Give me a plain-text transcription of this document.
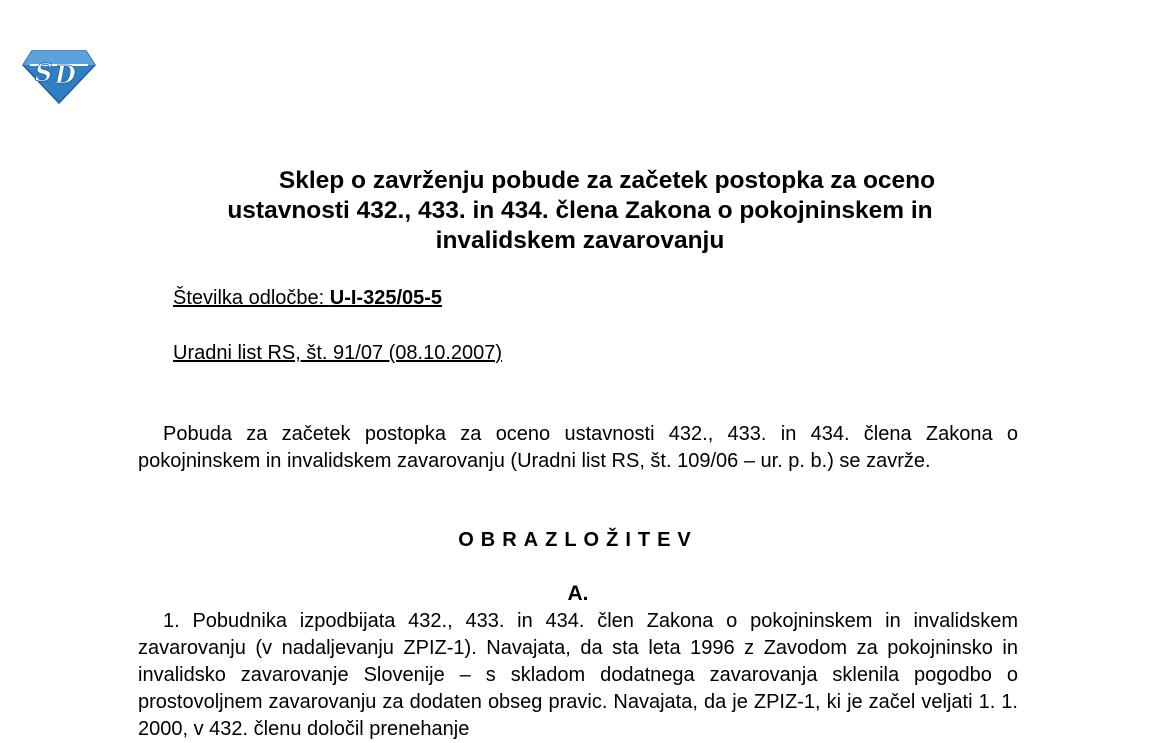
S D
Sklep o zavrženju pobude za začetek postopka za oceno
ustavnosti 432., 433. in 434. člena Zakona o pokojninskem in
invalidskem zavarovanju
Številka odločbe: U-I-325/05-5
Uradni list RS, št. 91/07 (08.10.2007)

Pobuda za začetek postopka za oceno ustavnosti 432., 433. in 434. člena Zakona o pokojninskem in invalidskem zavarovanju (Uradni list RS, št. 109/06 – ur. p. b.) se zavrže.

OBRAZLOŽITEV
A.

1. Pobudnika izpodbijata 432., 433. in 434. člen Zakona o pokojninskem in invalidskem zavarovanju (v nadaljevanju ZPIZ-1). Navajata, da sta leta 1996 z Zavodom za pokojninsko in invalidsko zavarovanje Slovenije – s skladom dodatnega zavarovanja sklenila pogodbo o prostovoljnem zavarovanju za dodaten obseg pravic. Navajata, da je ZPIZ-1, ki je začel veljati 1. 1. 2000, v 432. členu določil prenehanje
